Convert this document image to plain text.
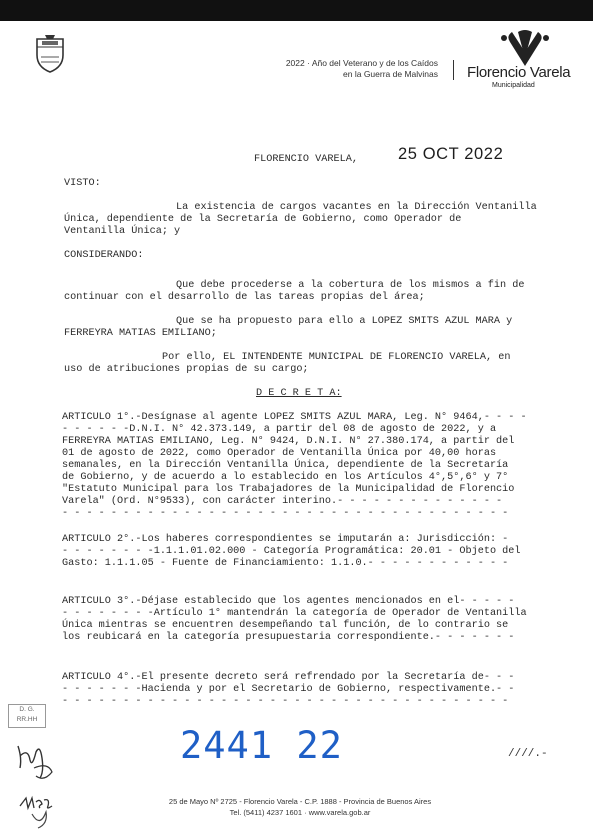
2022 · Año del Veterano y de los Caídos
en la Guerra de Malvinas Florencio Varela
Municipalidad
FLORENCIO VARELA, 25 OCT 2022
VISTO:
La existencia de cargos vacantes en la Dirección Ventanilla
Única, dependiente de la Secretaría de Gobierno, como Operador de
Ventanilla Única; y
CONSIDERANDO:
Que debe procederse a la cobertura de los mismos a fin de
continuar con el desarrollo de las tareas propias del área;
Que se ha propuesto para ello a LOPEZ SMITS AZUL MARA y
FERREYRA MATIAS EMILIANO;
Por ello, EL INTENDENTE MUNICIPAL DE FLORENCIO VARELA, en
uso de atribuciones propias de su cargo;
D E C R E T A:
ARTICULO 1°.-Desígnase al agente LOPEZ SMITS AZUL MARA, Leg. N° 9464,- - - -
- - - - - -D.N.I. N° 42.373.149, a partir del 08 de agosto de 2022, y a
FERREYRA MATIAS EMILIANO, Leg. N° 9424, D.N.I. N° 27.380.174, a partir del
01 de agosto de 2022, como Operador de Ventanilla Única por 40,00 horas
semanales, en la Dirección Ventanilla Única, dependiente de la Secretaría
de Gobierno, y de acuerdo a lo establecido en los Artículos 4°,5°,6° y 7°
"Estatuto Municipal para los Trabajadores de la Municipalidad de Florencio
Varela" (Ord. N°9533), con carácter interino.- - - - - - - - - - - - - -
- - - - - - - - - - - - - - - - - - - - - - - - - - - - - - - - - - - - -
ARTICULO 2°.-Los haberes correspondientes se imputarán a: Jurisdicción: -
- - - - - - - -1.1.1.01.02.000 - Categoría Programática: 20.01 - Objeto del
Gasto: 1.1.1.05 - Fuente de Financiamiento: 1.1.0.- - - - - - - - - - - -
ARTICULO 3°.-Déjase establecido que los agentes mencionados en el- - - - -
- - - - - - - -Artículo 1° mantendrán la categoría de Operador de Ventanilla
Única mientras se encuentren desempeñando tal función, de lo contrario se
los reubicará en la categoría presupuestaria correspondiente.- - - - - - -
ARTICULO 4°.-El presente decreto será refrendado por la Secretaría de- - -
- - - - - - -Hacienda y por el Secretario de Gobierno, respectivamente.- -
- - - - - - - - - - - - - - - - - - - - - - - - - - - - - - - - - - - - -
D. G.
RR.HH
2441 22	////.-
25 de Mayo Nº 2725 - Florencio Varela - C.P. 1888 - Provincia de Buenos Aires
Tel. (5411) 4237 1601 · www.varela.gob.ar
